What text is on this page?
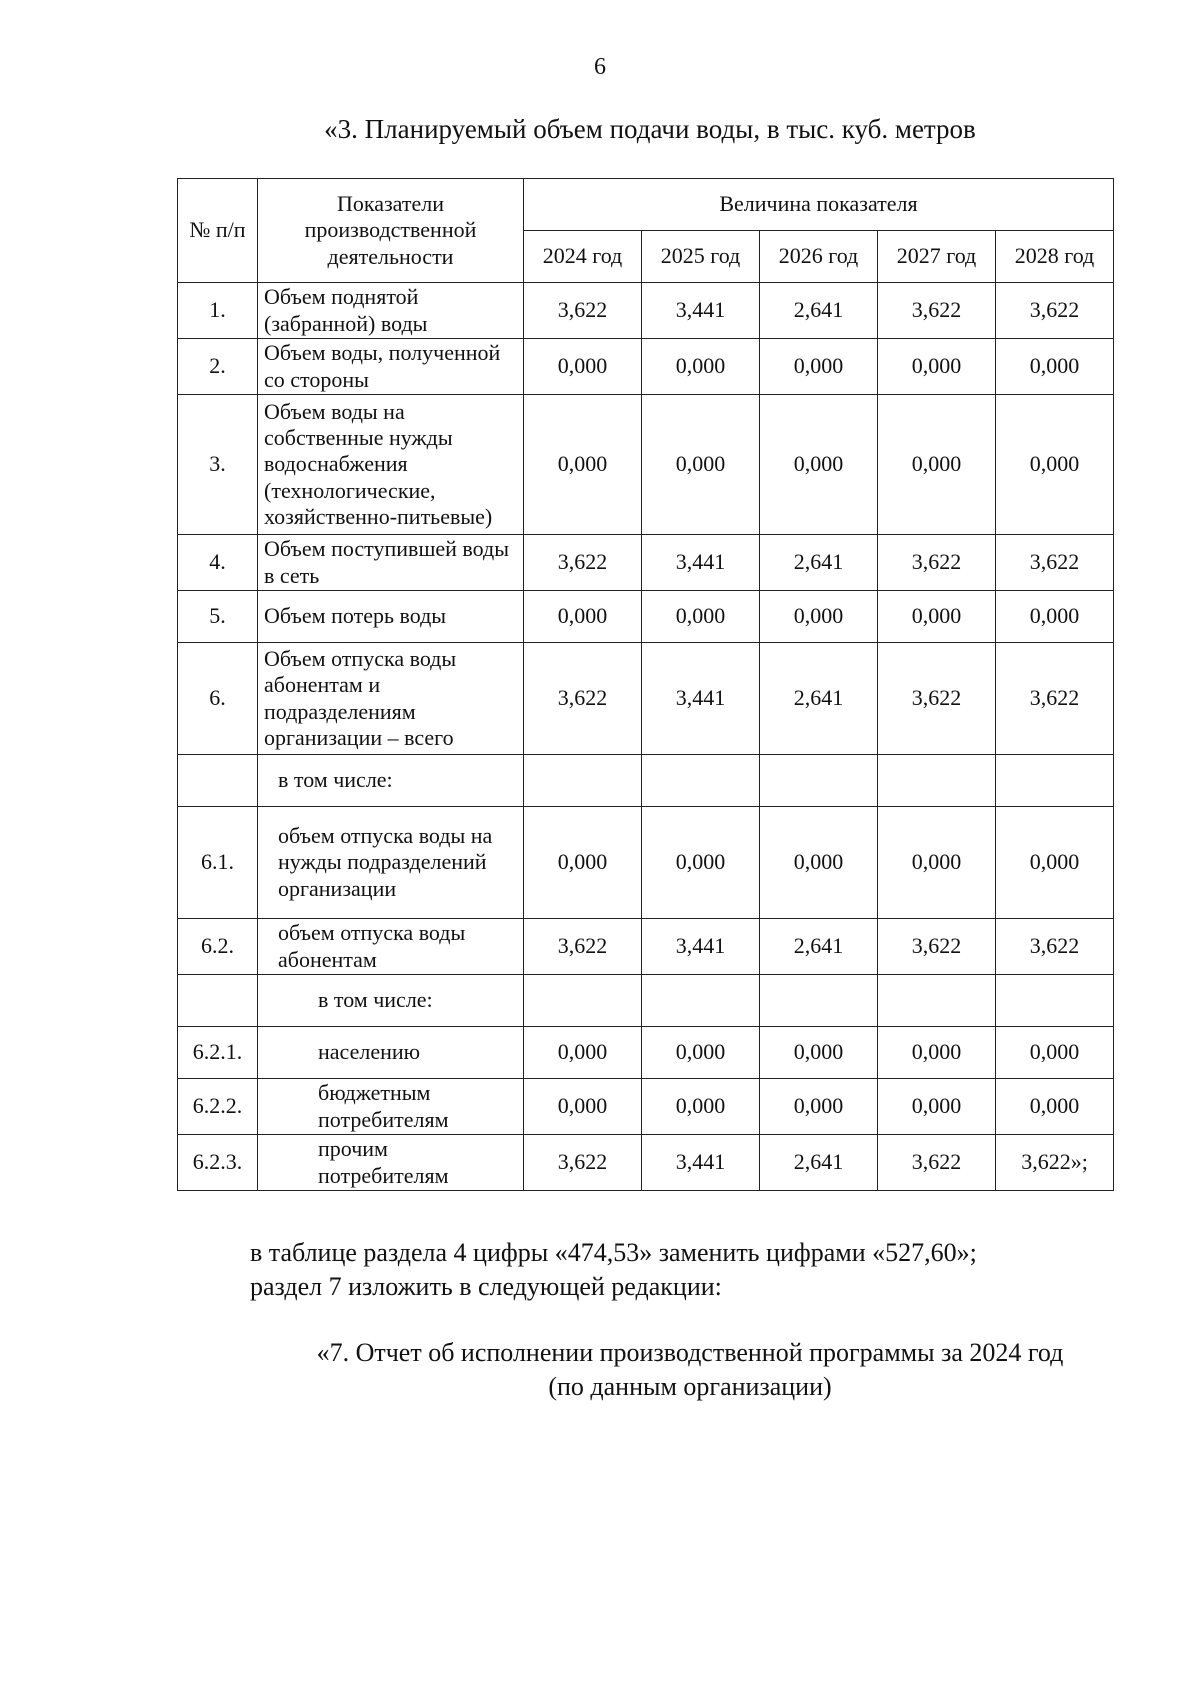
6
«3. Планируемый объем подачи воды, в тыс. куб. метров
№ п/п	Показатели производственной деятельности	Величина показателя				
		2024 год	2025 год	2026 год	2027 год	2028 год
1.	Объем поднятой (забранной) воды	3,622	3,441	2,641	3,622	3,622
2.	Объем воды, полученной со стороны	0,000	0,000	0,000	0,000	0,000
3.	Объем воды на собственные нужды водоснабжения (технологические, хозяйственно-питьевые)	0,000	0,000	0,000	0,000	0,000
4.	Объем поступившей воды в сеть	3,622	3,441	2,641	3,622	3,622
5.	Объем потерь воды	0,000	0,000	0,000	0,000	0,000
6.	Объем отпуска воды абонентам и подразделениям организации – всего	3,622	3,441	2,641	3,622	3,622
	в том числе:					
6.1.	объем отпуска воды на нужды подразделений организации	0,000	0,000	0,000	0,000	0,000
6.2.	объем отпуска воды абонентам	3,622	3,441	2,641	3,622	3,622
	в том числе:					
6.2.1.	населению	0,000	0,000	0,000	0,000	0,000
6.2.2.	бюджетным потребителям	0,000	0,000	0,000	0,000	0,000
6.2.3.	прочим потребителям	3,622	3,441	2,641	3,622	3,622»;
в таблице раздела 4 цифры «474,53» заменить цифрами «527,60»;
раздел 7 изложить в следующей редакции:
«7. Отчет об исполнении производственной программы за 2024 год
(по данным организации)
